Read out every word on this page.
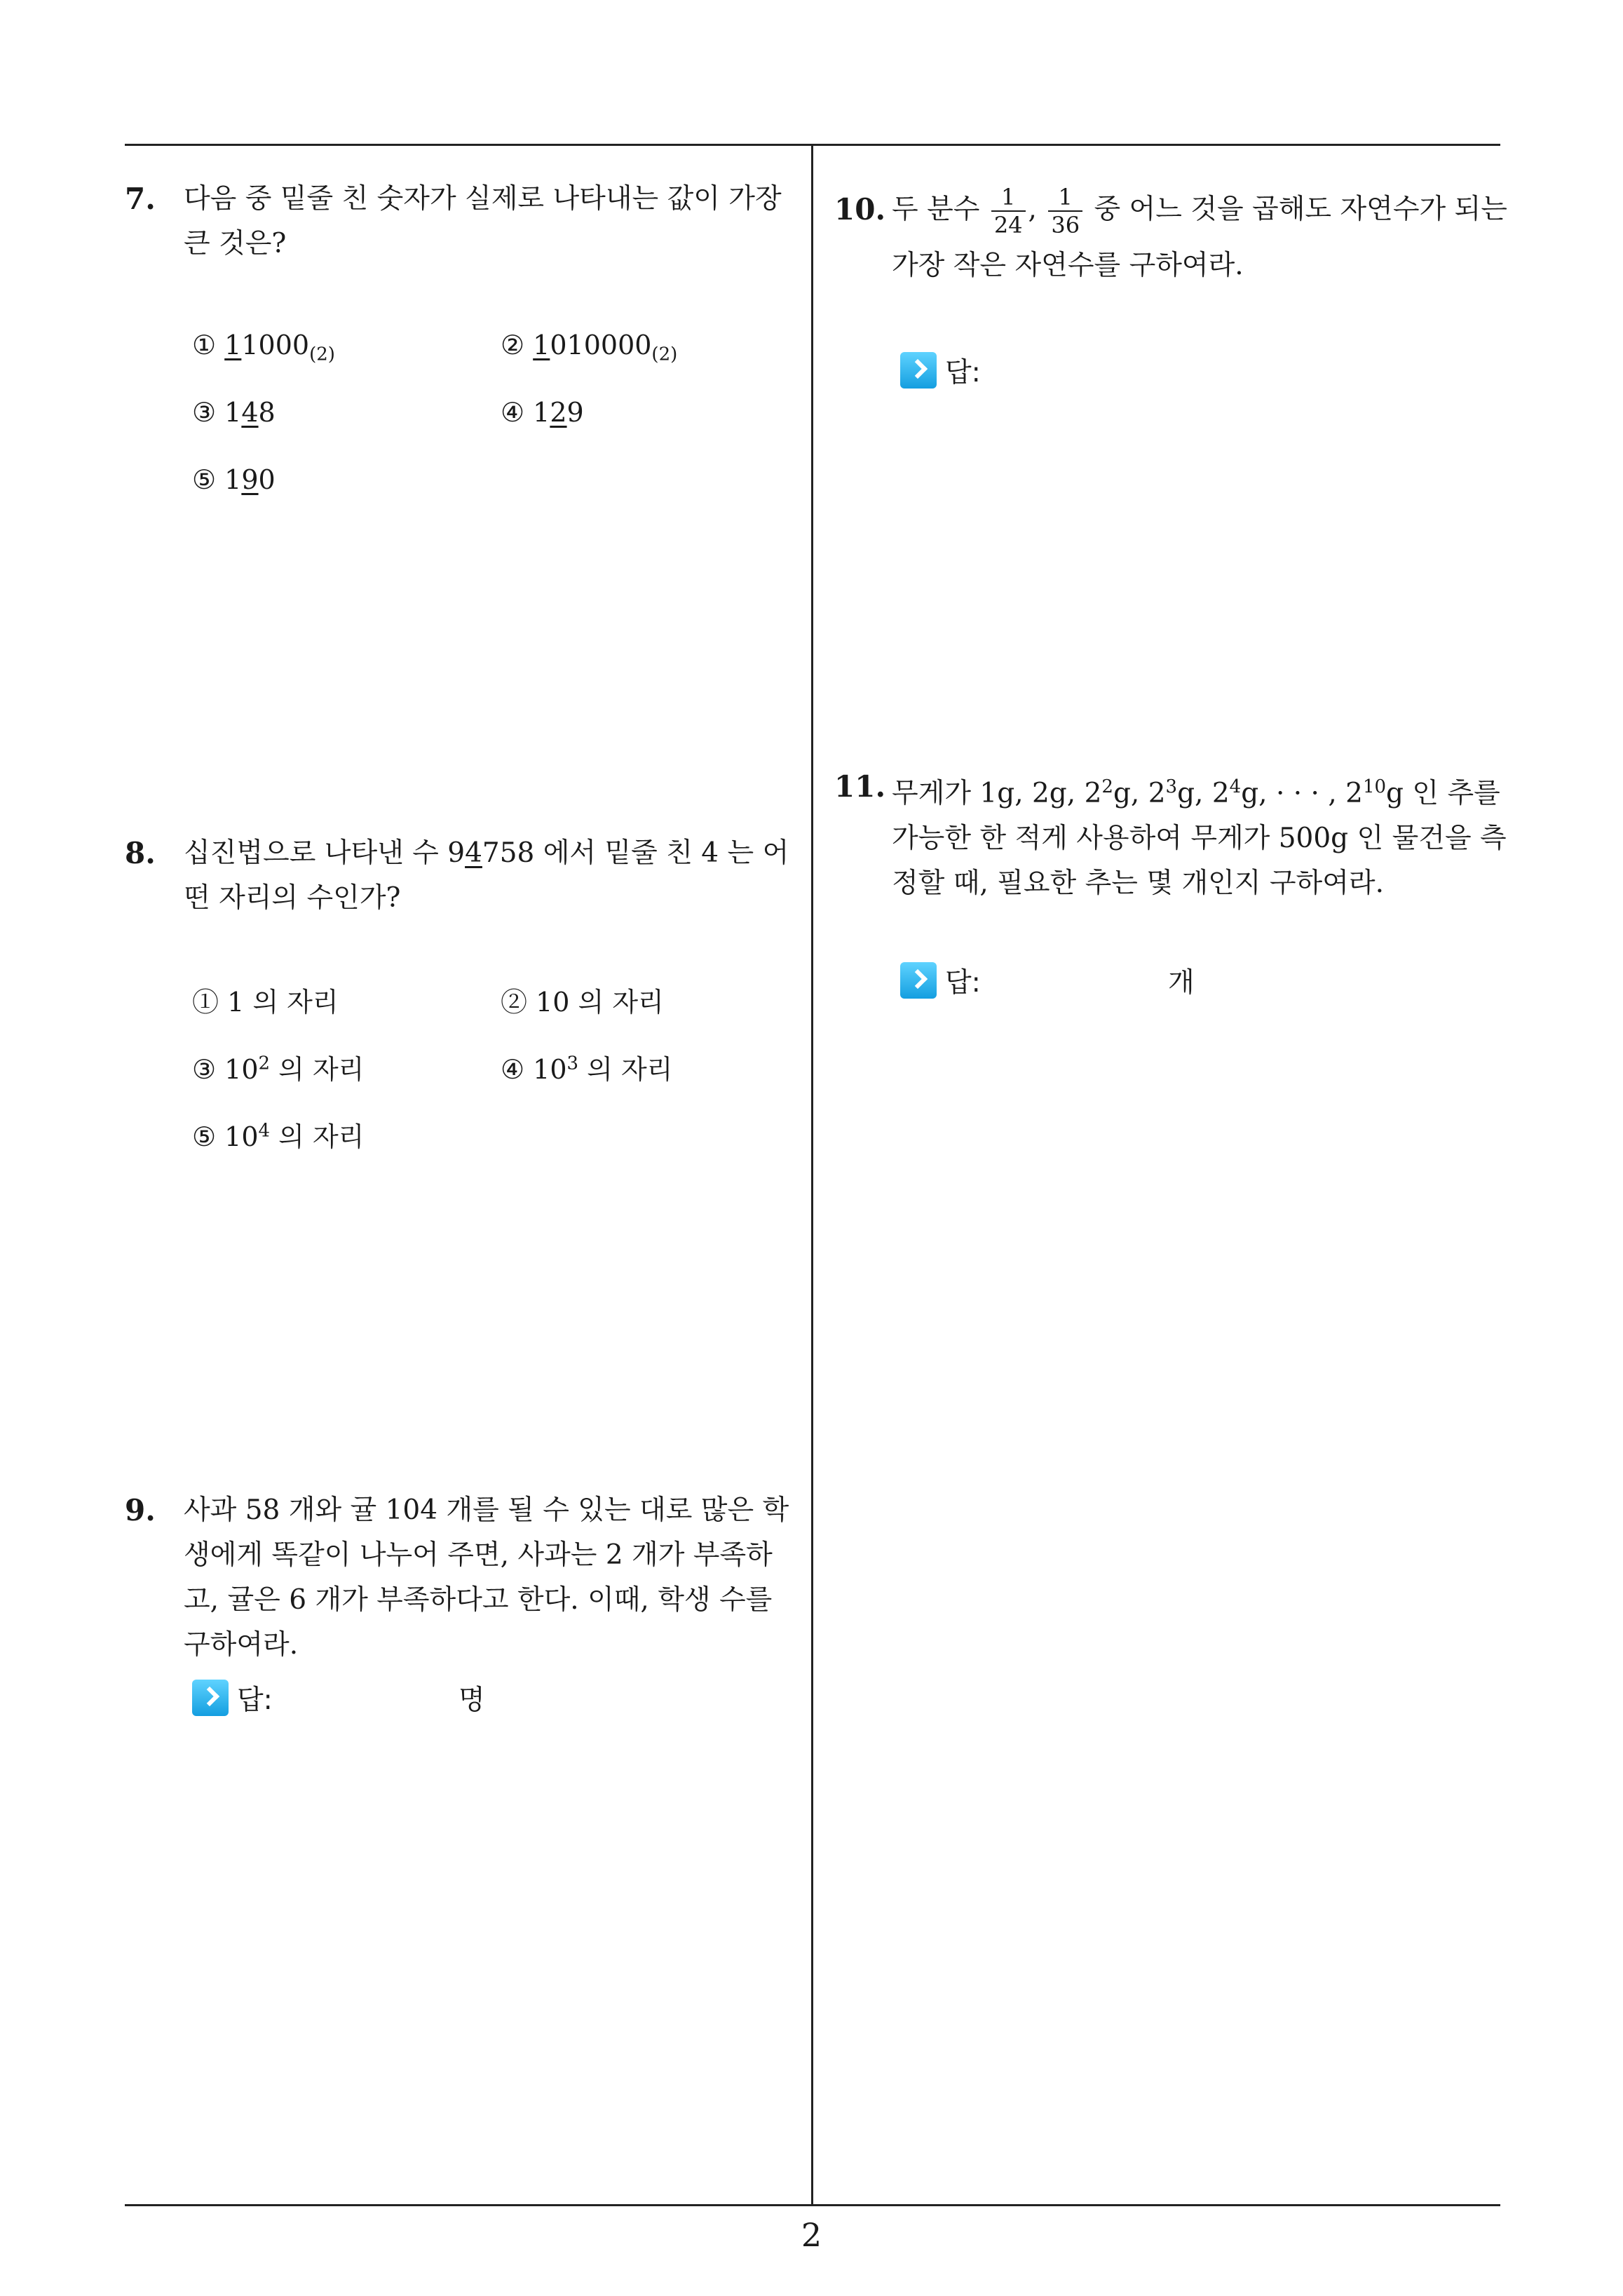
7. 다음 중 밑줄 친 숫자가 실제로 나타내는 값이 가장 큰 것은?
① $11000_{(2)}$	② $1010000_{(2)}$
③ 148	④ 129
⑤ 190
8. 십진법으로 나타낸 수 94758 에서 밑줄 친 4 는 어떤 자리의 수인가?
① 1 의 자리	② 10 의 자리
③ $10^2$ 의 자리	④ $10^3$ 의 자리
⑤ $10^4$ 의 자리
9. 사과 58 개와 귤 104 개를 될 수 있는 대로 많은 학생에게 똑같이 나누어 주면, 사과는 2 개가 부족하고, 귤은 6 개가 부족하다고 한다. 이때, 학생 수를 구하여라.
답:	명
10. 두 분수 $\frac{1}{24}$ , $\frac{1}{36}$ 중 어느 것을 곱해도 자연수가 되는 가장 작은 자연수를 구하여라.
답:
11. 무게가 1g, 2g, $2^2g$, $2^3g$, $2^4g$, · · · , $2^{10}g$ 인 추를 가능한 한 적게 사용하여 무게가 500g 인 물건을 측정할 때, 필요한 추는 몇 개인지 구하여라.
답:	개
2
